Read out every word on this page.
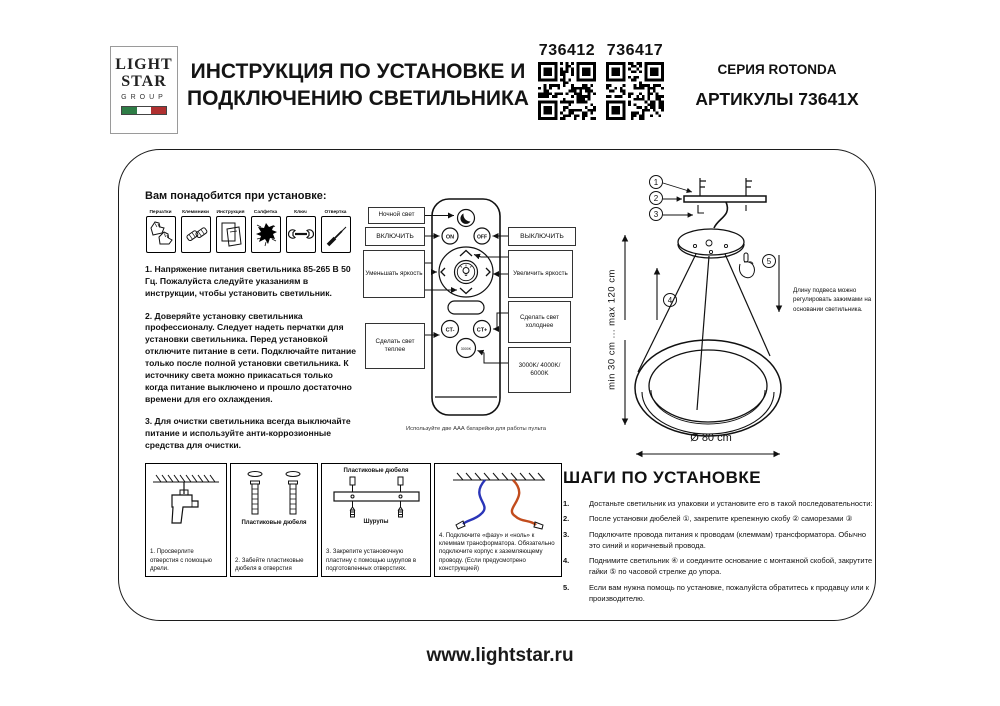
LIGHT
STAR
GROUP
ИНСТРУКЦИЯ ПО УСТАНОВКЕ И
ПОДКЛЮЧЕНИЮ СВЕТИЛЬНИКА
736412 736417
СЕРИЯ ROTONDA
АРТИКУЛЫ 73641X
Вам понадобится при установке:
Перчатки Клеммники Инструкция Салфетка	Ключ	Отвертка

1. Напряжение питания светильника 85-265 В 50 Гц. Пожалуйста следуйте указаниям в инструкции, чтобы установить светильник.

2. Доверяйте установку светильника профессионалу. Следует надеть перчатки для установки светильника. Перед установкой отключите питание в сети. Подключайте питание только после полной установки светильника. К источнику света можно прикасаться только когда питание выключено и прошло достаточно времени для его охлаждения.

3. Для очистки светильника всегда выключайте питание и используйте анти-коррозионные средства для очистки.

ON	OFF
CT-	CT+
3000K
Ночной свет
ВКЛЮЧИТЬ
Уменьшать яркость
Сделать свет теплее
ВЫКЛЮЧИТЬ
Увеличить яркость
Сделать свет холоднее
3000K/ 4000K/ 6000K
Используйте две ААА батарейки для работы пульта
1
2
3
4
5
min 30 cm ... max 120 cm	Длину подвеса можно регулировать зажимами на основании светильника.
Ø 80 cm
1. Просверлите отверстия с помощью дрели.
Пластиковые дюбеля
2. Забейте пластиковые дюбеля в отверстия
Пластиковые дюбеля
Шурупы
3. Закрепите установочную пластину с помощью шурупов в подготовленных отверстиях.
4. Подключите «фазу» и «ноль» к клеммам трансформатора. Обязательно подключите корпус к заземляющему проводу. (Если предусмотрено конструкцией)
ШАГИ ПО УСТАНОВКЕ
1.	Достаньте светильник из упаковки и установите его в такой последовательности:
2.	После установки дюбелей ①, закрепите крепежную скобу ② саморезами ③
3.	Подключите провода питания к проводам (клеммам) трансформатора. Обычно это синий и коричневый провода.
4.	Поднимите светильник ④ и соедините основание с монтажной скобой, закрутите гайки ⑤ по часовой стрелке до упора.
5.	Если вам нужна помощь по установке, пожалуйста обратитесь к продавцу или к производителю.
www.lightstar.ru
